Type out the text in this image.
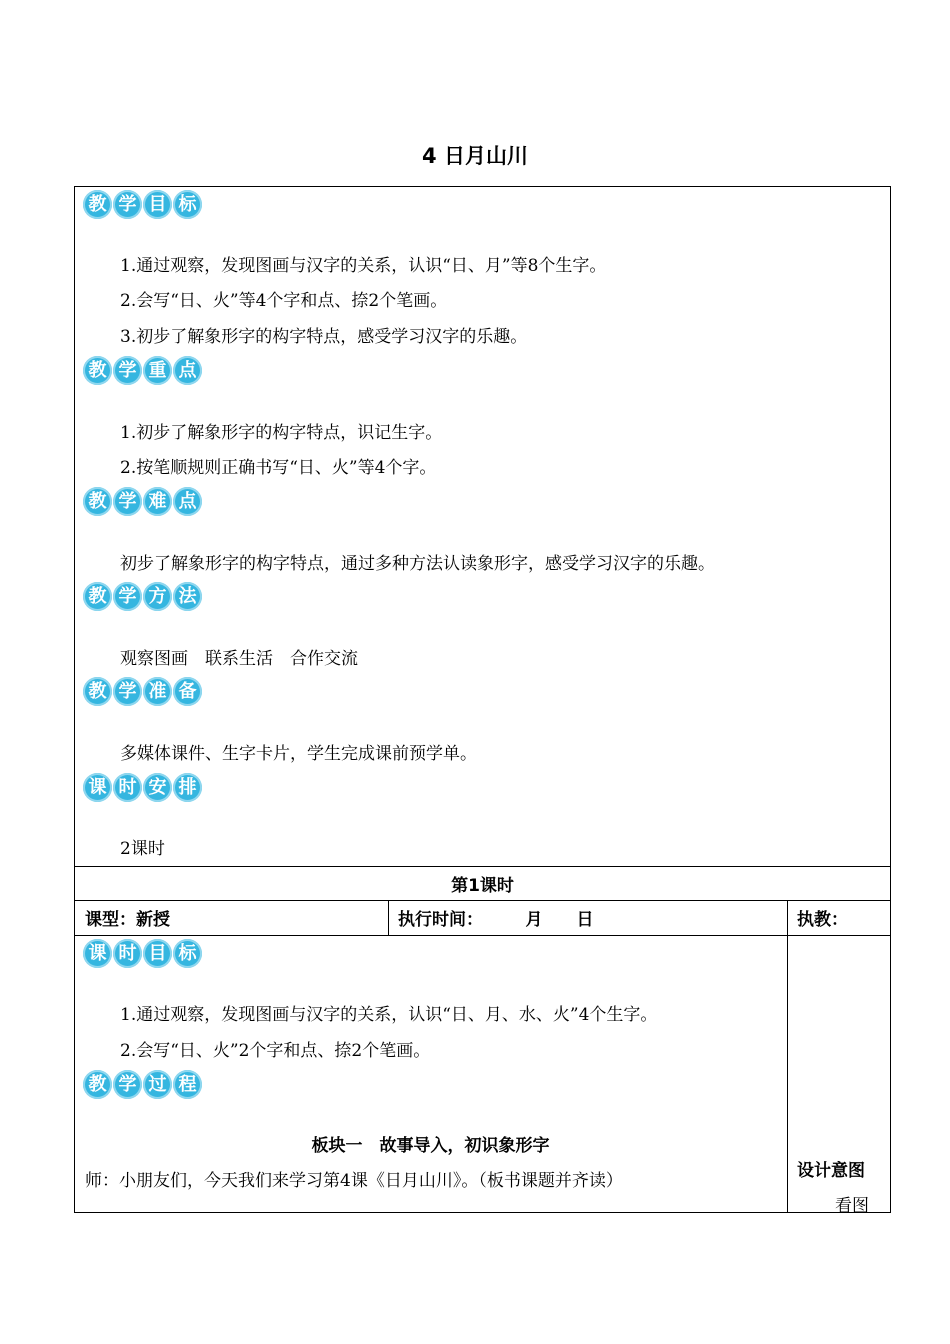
4 日月山川
教 学 目 标
1.通过观察，发现图画与汉字的关系，认识“日、月”等8个生字。
2.会写“日、火”等4个字和点、捺2个笔画。
3.初步了解象形字的构字特点，感受学习汉字的乐趣。
教 学 重 点
1.初步了解象形字的构字特点，识记生字。
2.按笔顺规则正确书写“日、火”等4个字。
教 学 难 点
初步了解象形字的构字特点，通过多种方法认读象形字，感受学习汉字的乐趣。
教 学 方 法
观察图画　联系生活　合作交流
教 学 准 备
多媒体课件、生字卡片，学生完成课前预学单。
课 时 安 排
2课时
第1课时
课型：新授	执行时间：　　　月　　日	执教：
课 时 目 标
1.通过观察，发现图画与汉字的关系，认识“日、月、水、火”4个生字。
2.会写“日、火”2个字和点、捺2个笔画。
教 学 过 程
板块一　故事导入，初识象形字
师：小朋友们，今天我们来学习第4课《日月山川》。（板书课题并齐读）	设计意图
看图
